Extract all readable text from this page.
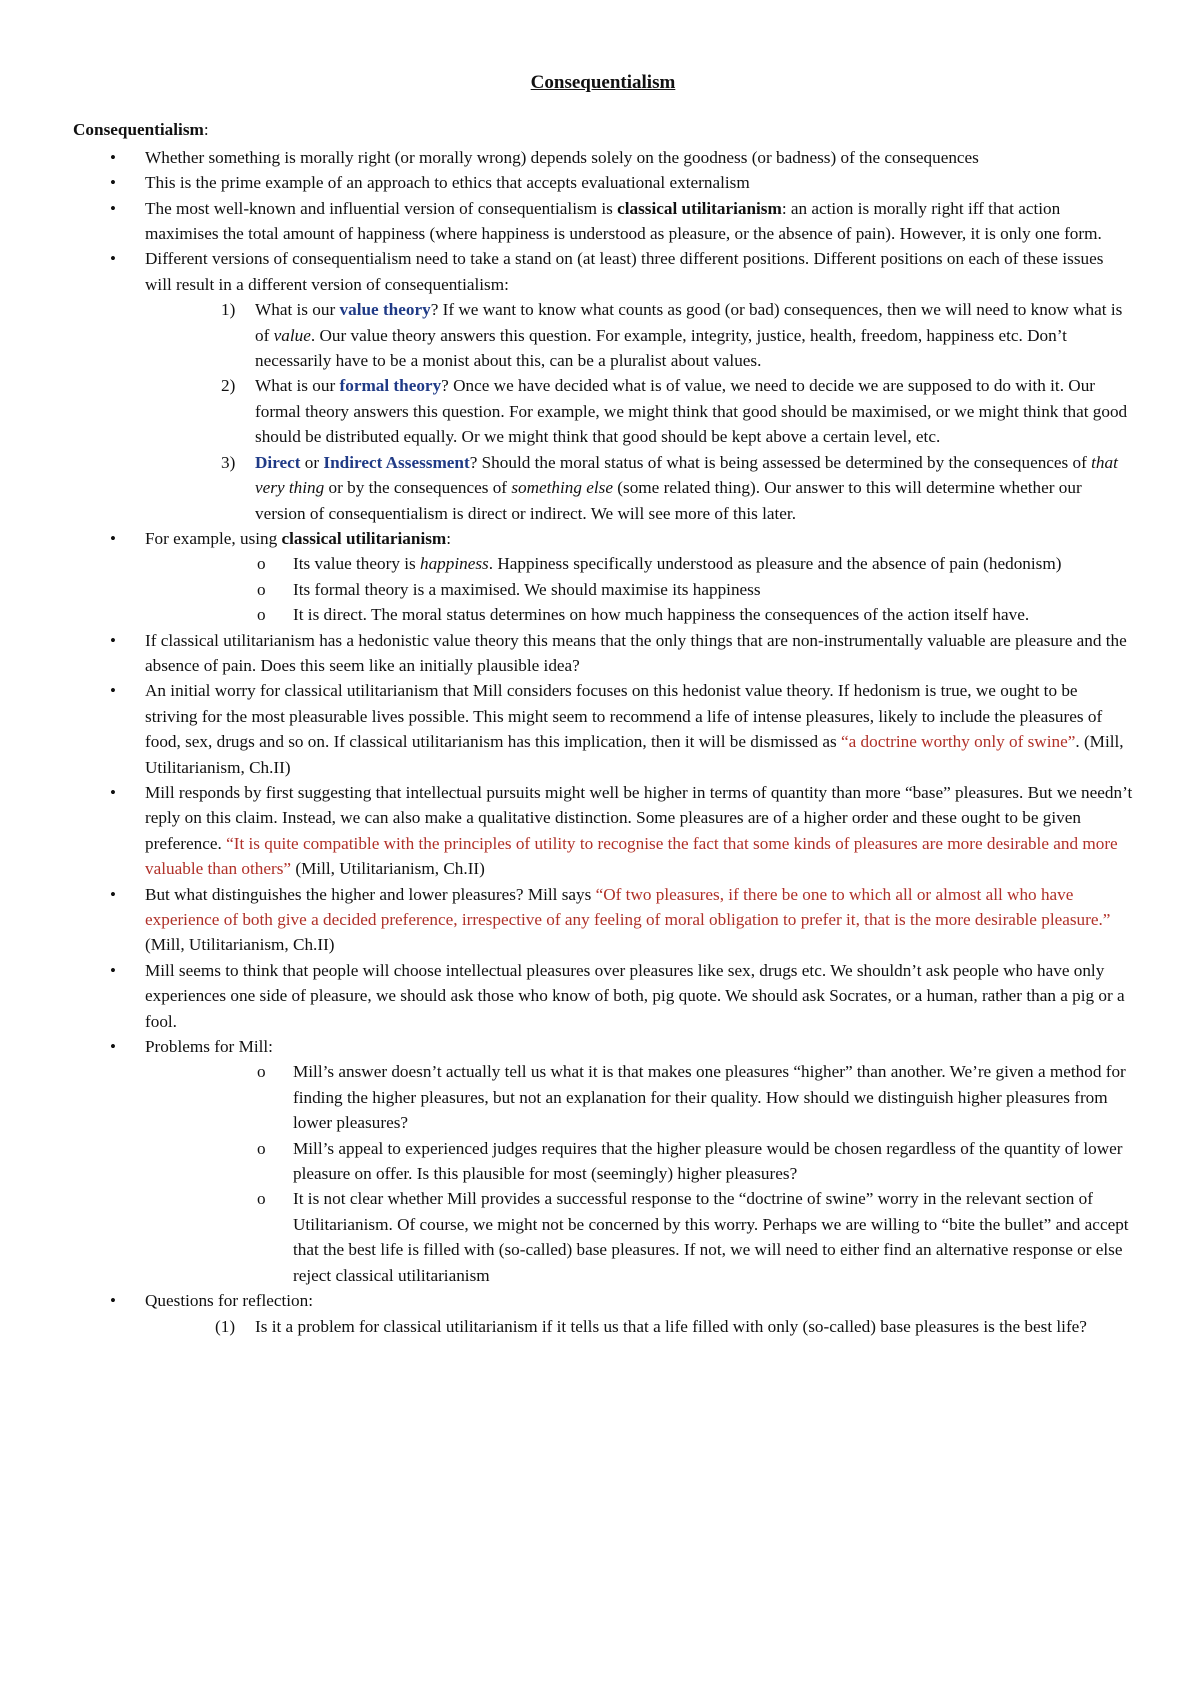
Consequentialism
Consequentialism:
• Whether something is morally right (or morally wrong) depends solely on the goodness (or badness) of the consequences
• This is the prime example of an approach to ethics that accepts evaluational externalism
• The most well-known and influential version of consequentialism is classical utilitarianism: an action is morally right iff that action maximises the total amount of happiness (where happiness is understood as pleasure, or the absence of pain). However, it is only one form.
• Different versions of consequentialism need to take a stand on (at least) three different positions. Different positions on each of these issues will result in a different version of consequentialism:
1) What is our value theory? If we want to know what counts as good (or bad) consequences, then we will need to know what is of value. Our value theory answers this question. For example, integrity, justice, health, freedom, happiness etc. Don’t necessarily have to be a monist about this, can be a pluralist about values.
2) What is our formal theory? Once we have decided what is of value, we need to decide we are supposed to do with it. Our formal theory answers this question. For example, we might think that good should be maximised, or we might think that good should be distributed equally. Or we might think that good should be kept above a certain level, etc.
3) Direct or Indirect Assessment? Should the moral status of what is being assessed be determined by the consequences of that very thing or by the consequences of something else (some related thing). Our answer to this will determine whether our version of consequentialism is direct or indirect. We will see more of this later.
• For example, using classical utilitarianism:
o Its value theory is happiness. Happiness specifically understood as pleasure and the absence of pain (hedonism)
o Its formal theory is a maximised. We should maximise its happiness
o It is direct. The moral status determines on how much happiness the consequences of the action itself have.
• If classical utilitarianism has a hedonistic value theory this means that the only things that are non-instrumentally valuable are pleasure and the absence of pain. Does this seem like an initially plausible idea?
• An initial worry for classical utilitarianism that Mill considers focuses on this hedonist value theory. If hedonism is true, we ought to be striving for the most pleasurable lives possible. This might seem to recommend a life of intense pleasures, likely to include the pleasures of food, sex, drugs and so on. If classical utilitarianism has this implication, then it will be dismissed as “a doctrine worthy only of swine”. (Mill, Utilitarianism, Ch.II)
• Mill responds by first suggesting that intellectual pursuits might well be higher in terms of quantity than more “base” pleasures. But we needn’t reply on this claim. Instead, we can also make a qualitative distinction. Some pleasures are of a higher order and these ought to be given preference. “It is quite compatible with the principles of utility to recognise the fact that some kinds of pleasures are more desirable and more valuable than others” (Mill, Utilitarianism, Ch.II)
• But what distinguishes the higher and lower pleasures? Mill says “Of two pleasures, if there be one to which all or almost all who have experience of both give a decided preference, irrespective of any feeling of moral obligation to prefer it, that is the more desirable pleasure.” (Mill, Utilitarianism, Ch.II)
• Mill seems to think that people will choose intellectual pleasures over pleasures like sex, drugs etc. We shouldn’t ask people who have only experiences one side of pleasure, we should ask those who know of both, pig quote. We should ask Socrates, or a human, rather than a pig or a fool.
• Problems for Mill:
o Mill’s answer doesn’t actually tell us what it is that makes one pleasures “higher” than another. We’re given a method for finding the higher pleasures, but not an explanation for their quality. How should we distinguish higher pleasures from lower pleasures?
o Mill’s appeal to experienced judges requires that the higher pleasure would be chosen regardless of the quantity of lower pleasure on offer. Is this plausible for most (seemingly) higher pleasures?
o It is not clear whether Mill provides a successful response to the “doctrine of swine” worry in the relevant section of Utilitarianism. Of course, we might not be concerned by this worry. Perhaps we are willing to “bite the bullet” and accept that the best life is filled with (so-called) base pleasures. If not, we will need to either find an alternative response or else reject classical utilitarianism
• Questions for reflection:
(1) Is it a problem for classical utilitarianism if it tells us that a life filled with only (so-called) base pleasures is the best life?
